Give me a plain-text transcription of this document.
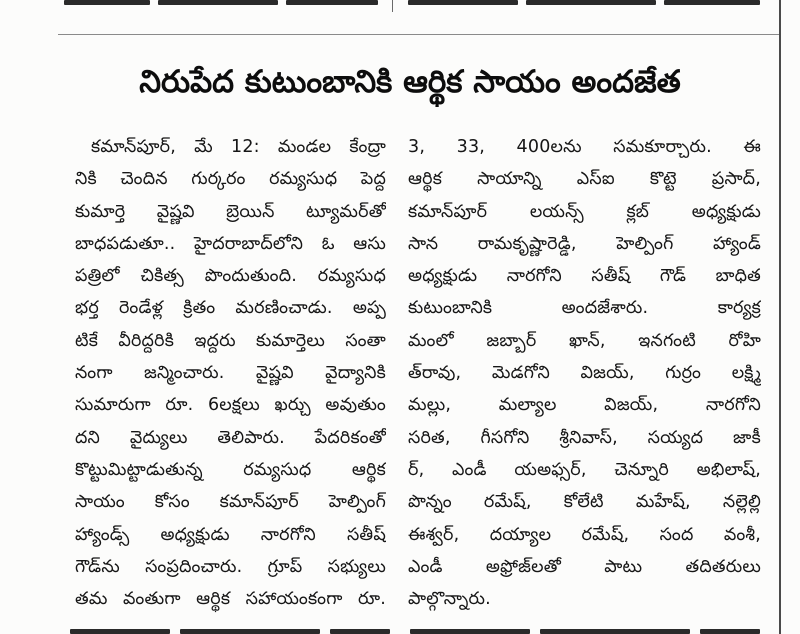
నిరుపేద కుటుంబానికి ఆర్థిక సాయం అందజేత
కమాన్‌పూర్‌, మే 12: మండల కేంద్రా
నికి చెందిన గుర్కరం రమ్యసుధ పెద్ద
కుమార్తె వైష్ణవి బ్రెయిన్‌ ట్యూమర్‌తో
బాధపడుతూ.. హైదరాబాద్‌లోని ఓ ఆసు
పత్రిలో చికిత్స పొందుతుంది. రమ్యసుధ
భర్త రెండేళ్ల క్రితం మరణించాడు. అప్ప
టికే వీరిద్దరికి ఇద్దరు కుమార్తెలు సంతా
నంగా జన్మించారు. వైష్ణవి వైద్యానికి
సుమారుగా రూ. 6లక్షలు ఖర్చు అవుతుం
దని వైద్యులు తెలిపారు. పేదరికంతో
కొట్టుమిట్టాడుతున్న రమ్యసుధ ఆర్థిక
సాయం కోసం కమాన్‌పూర్‌ హెల్పింగ్‌
హ్యాండ్స్‌ అధ్యక్షుడు నారగోని సతీష్‌
గౌడ్‌ను సంప్రదించారు. గ్రూప్‌ సభ్యులు
తమ వంతుగా ఆర్థిక సహాయంకంగా రూ.
3, 33, 400లను సమకూర్చారు. ఈ
ఆర్థిక సాయాన్ని ఎస్‌ఐ కొట్టె ప్రసాద్‌,
కమాన్‌పూర్‌ లయన్స్‌ క్లబ్‌ అధ్యక్షుడు
సాన రామకృష్ణారెడ్డి, హెల్పింగ్‌ హ్యాండ్‌
అధ్యక్షుడు నారగోని సతీష్‌ గౌడ్‌ బాధిత
కుటుంబానికి అందజేశారు. కార్యక్ర
మంలో జబ్బార్‌ ఖాన్‌, ఇనగంటి రోహి
త్‌రావు, మెడగోని విజయ్‌, గుర్రం లక్ష్మి
మల్లు, మల్యాల విజయ్‌, నారగోని
సరిత, గీసగోని శ్రీనివాస్‌, సయ్యద జాకీ
ర్‌, ఎండీ యఅఫ్సర్‌, చెన్నూరి అభిలాష్‌,
పొన్నం రమేష్‌, కోలేటి మహేష్‌, నల్లెల్లి
ఈశ్వర్‌, దయ్యాల రమేష్‌, సంద వంశీ,
ఎండీ అఫ్రోజ్‌లతో పాటు తదితరులు
పాల్గొన్నారు.
